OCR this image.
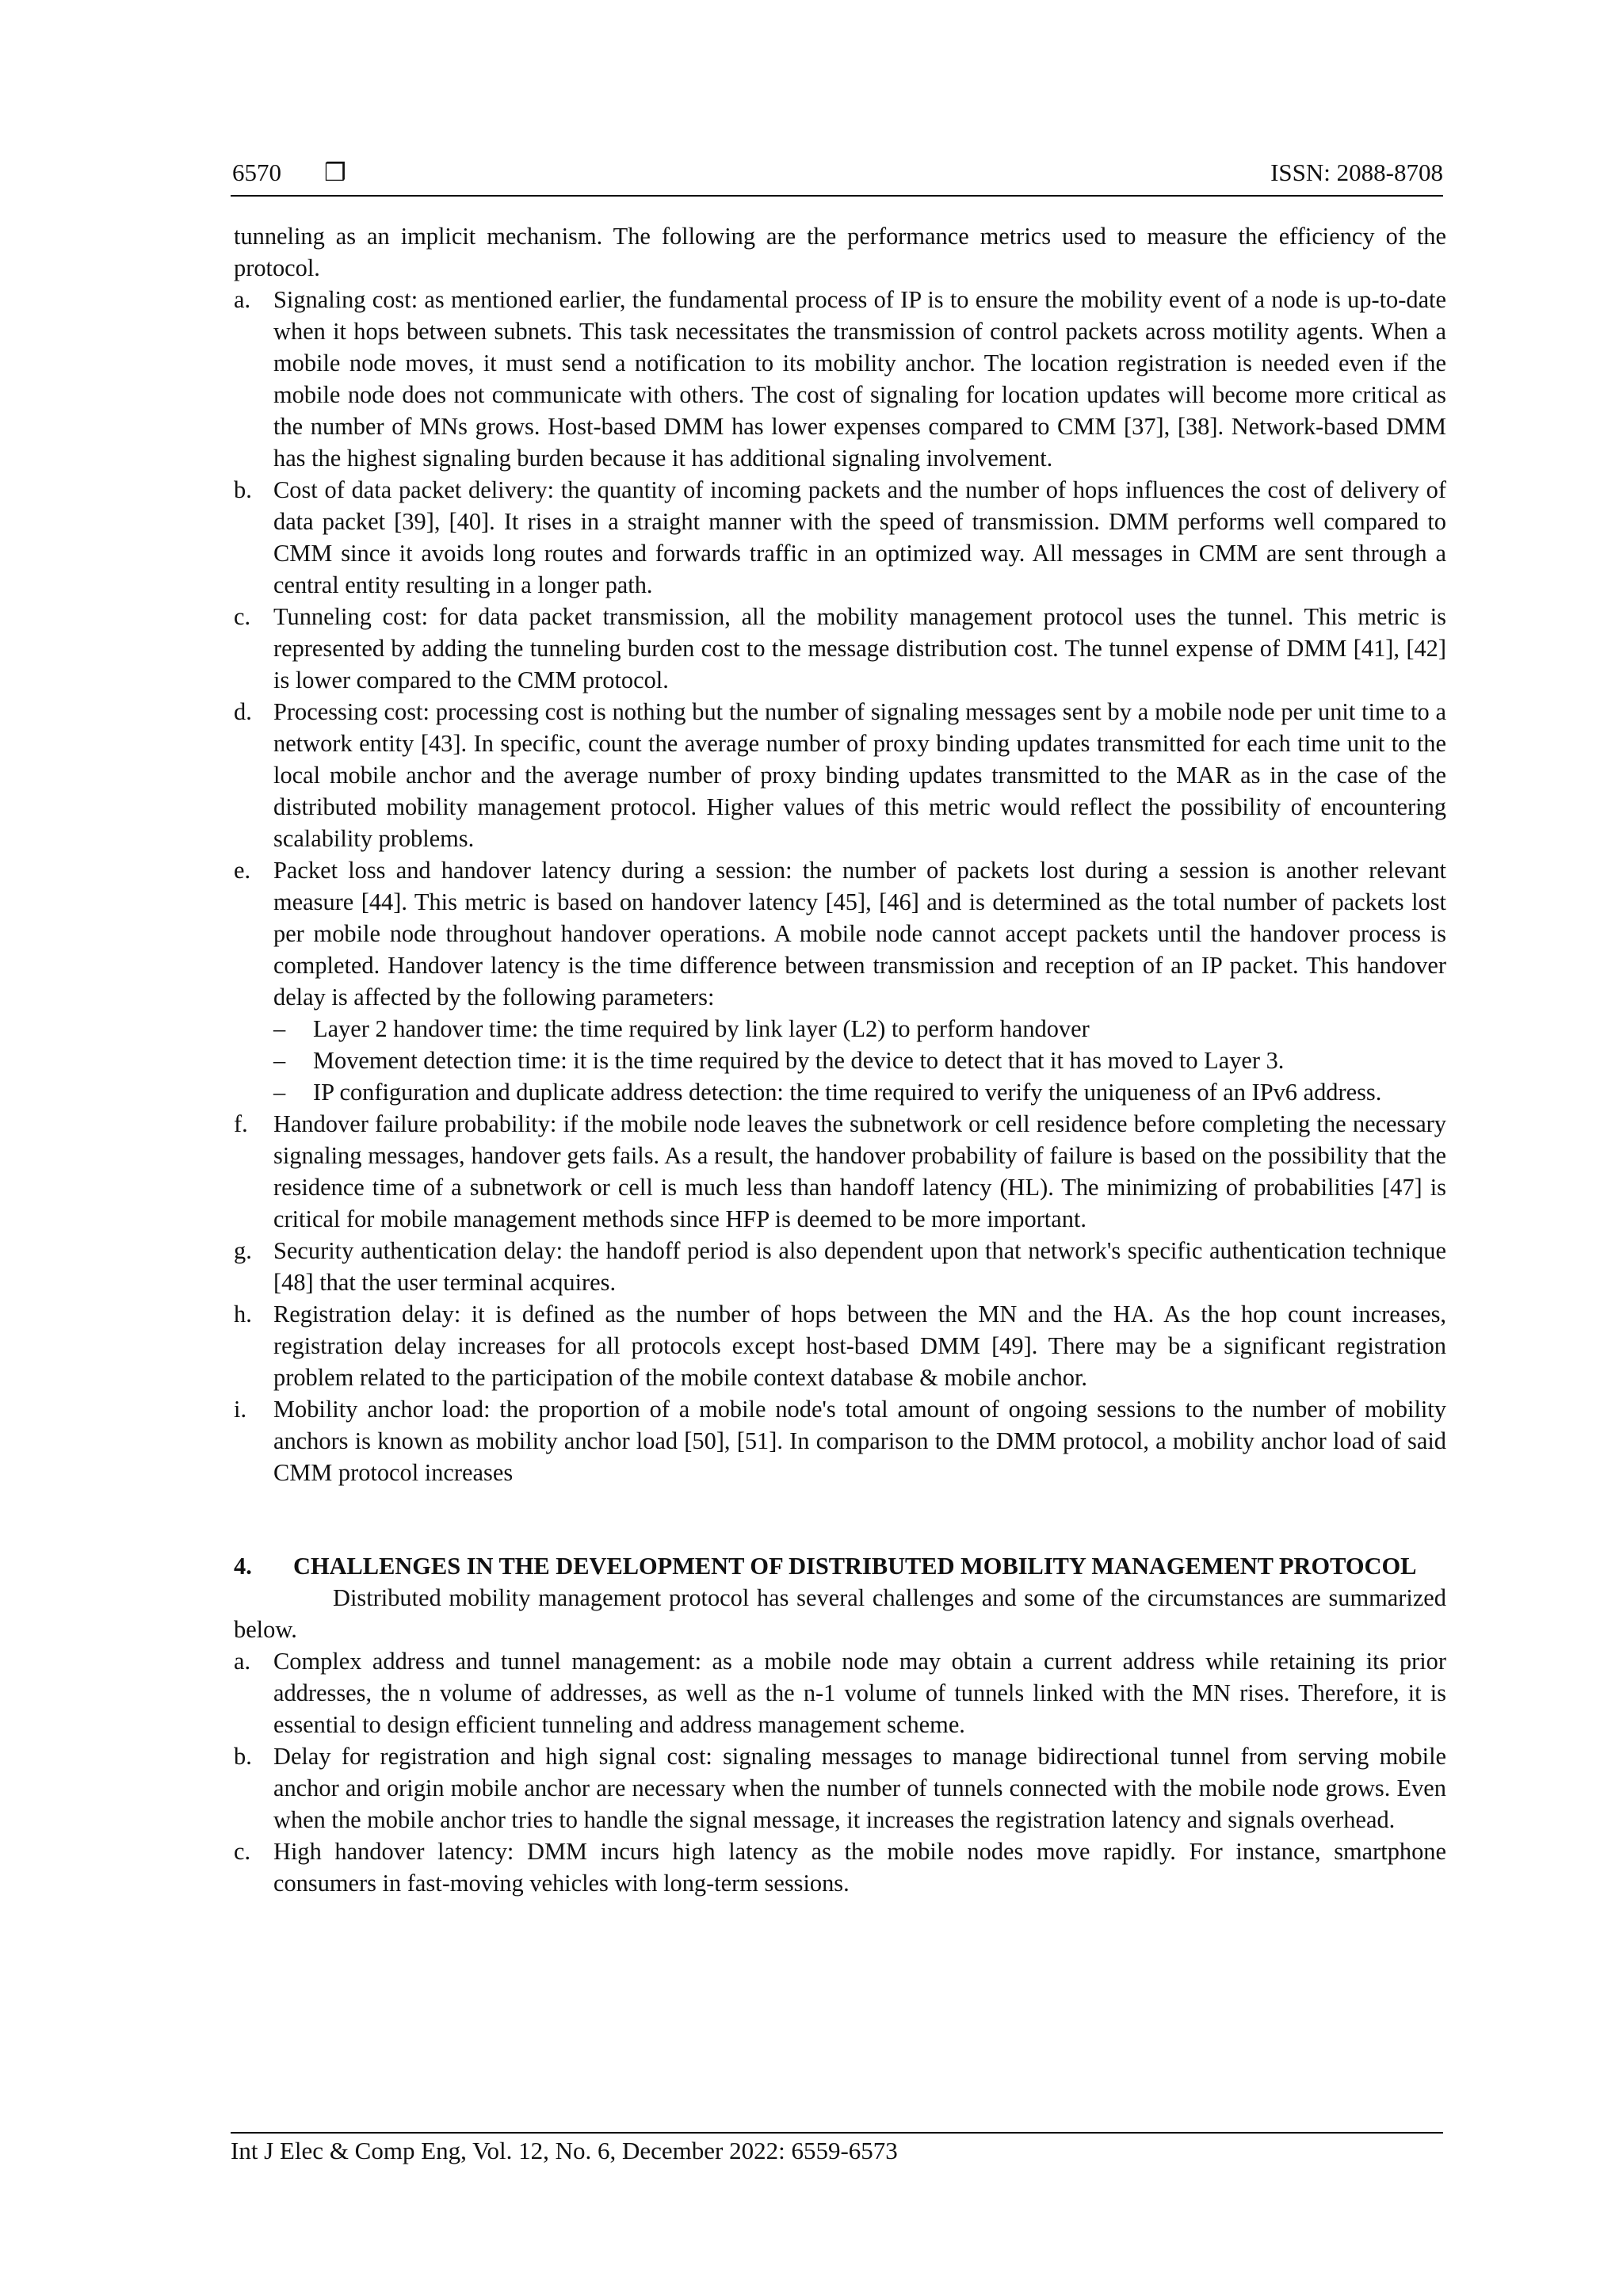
6570 ❒	ISSN: 2088-8708

tunneling as an implicit mechanism. The following are the performance metrics used to measure the efficiency of the protocol.

a. Signaling cost: as mentioned earlier, the fundamental process of IP is to ensure the mobility event of a node is up-to-date when it hops between subnets. This task necessitates the transmission of control packets across motility agents. When a mobile node moves, it must send a notification to its mobility anchor. The location registration is needed even if the mobile node does not communicate with others. The cost of signaling for location updates will become more critical as the number of MNs grows. Host-based DMM has lower expenses compared to CMM [37], [38]. Network-based DMM has the highest signaling burden because it has additional signaling involvement.
b. Cost of data packet delivery: the quantity of incoming packets and the number of hops influences the cost of delivery of data packet [39], [40]. It rises in a straight manner with the speed of transmission. DMM performs well compared to CMM since it avoids long routes and forwards traffic in an optimized way. All messages in CMM are sent through a central entity resulting in a longer path.
c. Tunneling cost: for data packet transmission, all the mobility management protocol uses the tunnel. This metric is represented by adding the tunneling burden cost to the message distribution cost. The tunnel expense of DMM [41], [42] is lower compared to the CMM protocol.
d. Processing cost: processing cost is nothing but the number of signaling messages sent by a mobile node per unit time to a network entity [43]. In specific, count the average number of proxy binding updates transmitted for each time unit to the local mobile anchor and the average number of proxy binding updates transmitted to the MAR as in the case of the distributed mobility management protocol. Higher values of this metric would reflect the possibility of encountering scalability problems.
e. Packet loss and handover latency during a session: the number of packets lost during a session is another relevant measure [44]. This metric is based on handover latency [45], [46] and is determined as the total number of packets lost per mobile node throughout handover operations. A mobile node cannot accept packets until the handover process is completed. Handover latency is the time difference between transmission and reception of an IP packet. This handover delay is affected by the following parameters:
– Layer 2 handover time: the time required by link layer (L2) to perform handover
– Movement detection time: it is the time required by the device to detect that it has moved to Layer 3.
– IP configuration and duplicate address detection: the time required to verify the uniqueness of an IPv6 address.
f. Handover failure probability: if the mobile node leaves the subnetwork or cell residence before completing the necessary signaling messages, handover gets fails. As a result, the handover probability of failure is based on the possibility that the residence time of a subnetwork or cell is much less than handoff latency (HL). The minimizing of probabilities [47] is critical for mobile management methods since HFP is deemed to be more important.
g. Security authentication delay: the handoff period is also dependent upon that network's specific authentication technique [48] that the user terminal acquires.
h. Registration delay: it is defined as the number of hops between the MN and the HA. As the hop count increases, registration delay increases for all protocols except host-based DMM [49]. There may be a significant registration problem related to the participation of the mobile context database & mobile anchor.
i. Mobility anchor load: the proportion of a mobile node's total amount of ongoing sessions to the number of mobility anchors is known as mobility anchor load [50], [51]. In comparison to the DMM protocol, a mobility anchor load of said CMM protocol increases
4. CHALLENGES IN THE DEVELOPMENT OF DISTRIBUTED MOBILITY MANAGEMENT PROTOCOL

Distributed mobility management protocol has several challenges and some of the circumstances are summarized below.

a. Complex address and tunnel management: as a mobile node may obtain a current address while retaining its prior addresses, the n volume of addresses, as well as the n-1 volume of tunnels linked with the MN rises. Therefore, it is essential to design efficient tunneling and address management scheme.
b. Delay for registration and high signal cost: signaling messages to manage bidirectional tunnel from serving mobile anchor and origin mobile anchor are necessary when the number of tunnels connected with the mobile node grows. Even when the mobile anchor tries to handle the signal message, it increases the registration latency and signals overhead.
c. High handover latency: DMM incurs high latency as the mobile nodes move rapidly. For instance, smartphone consumers in fast-moving vehicles with long-term sessions.
Int J Elec & Comp Eng, Vol. 12, No. 6, December 2022: 6559-6573
